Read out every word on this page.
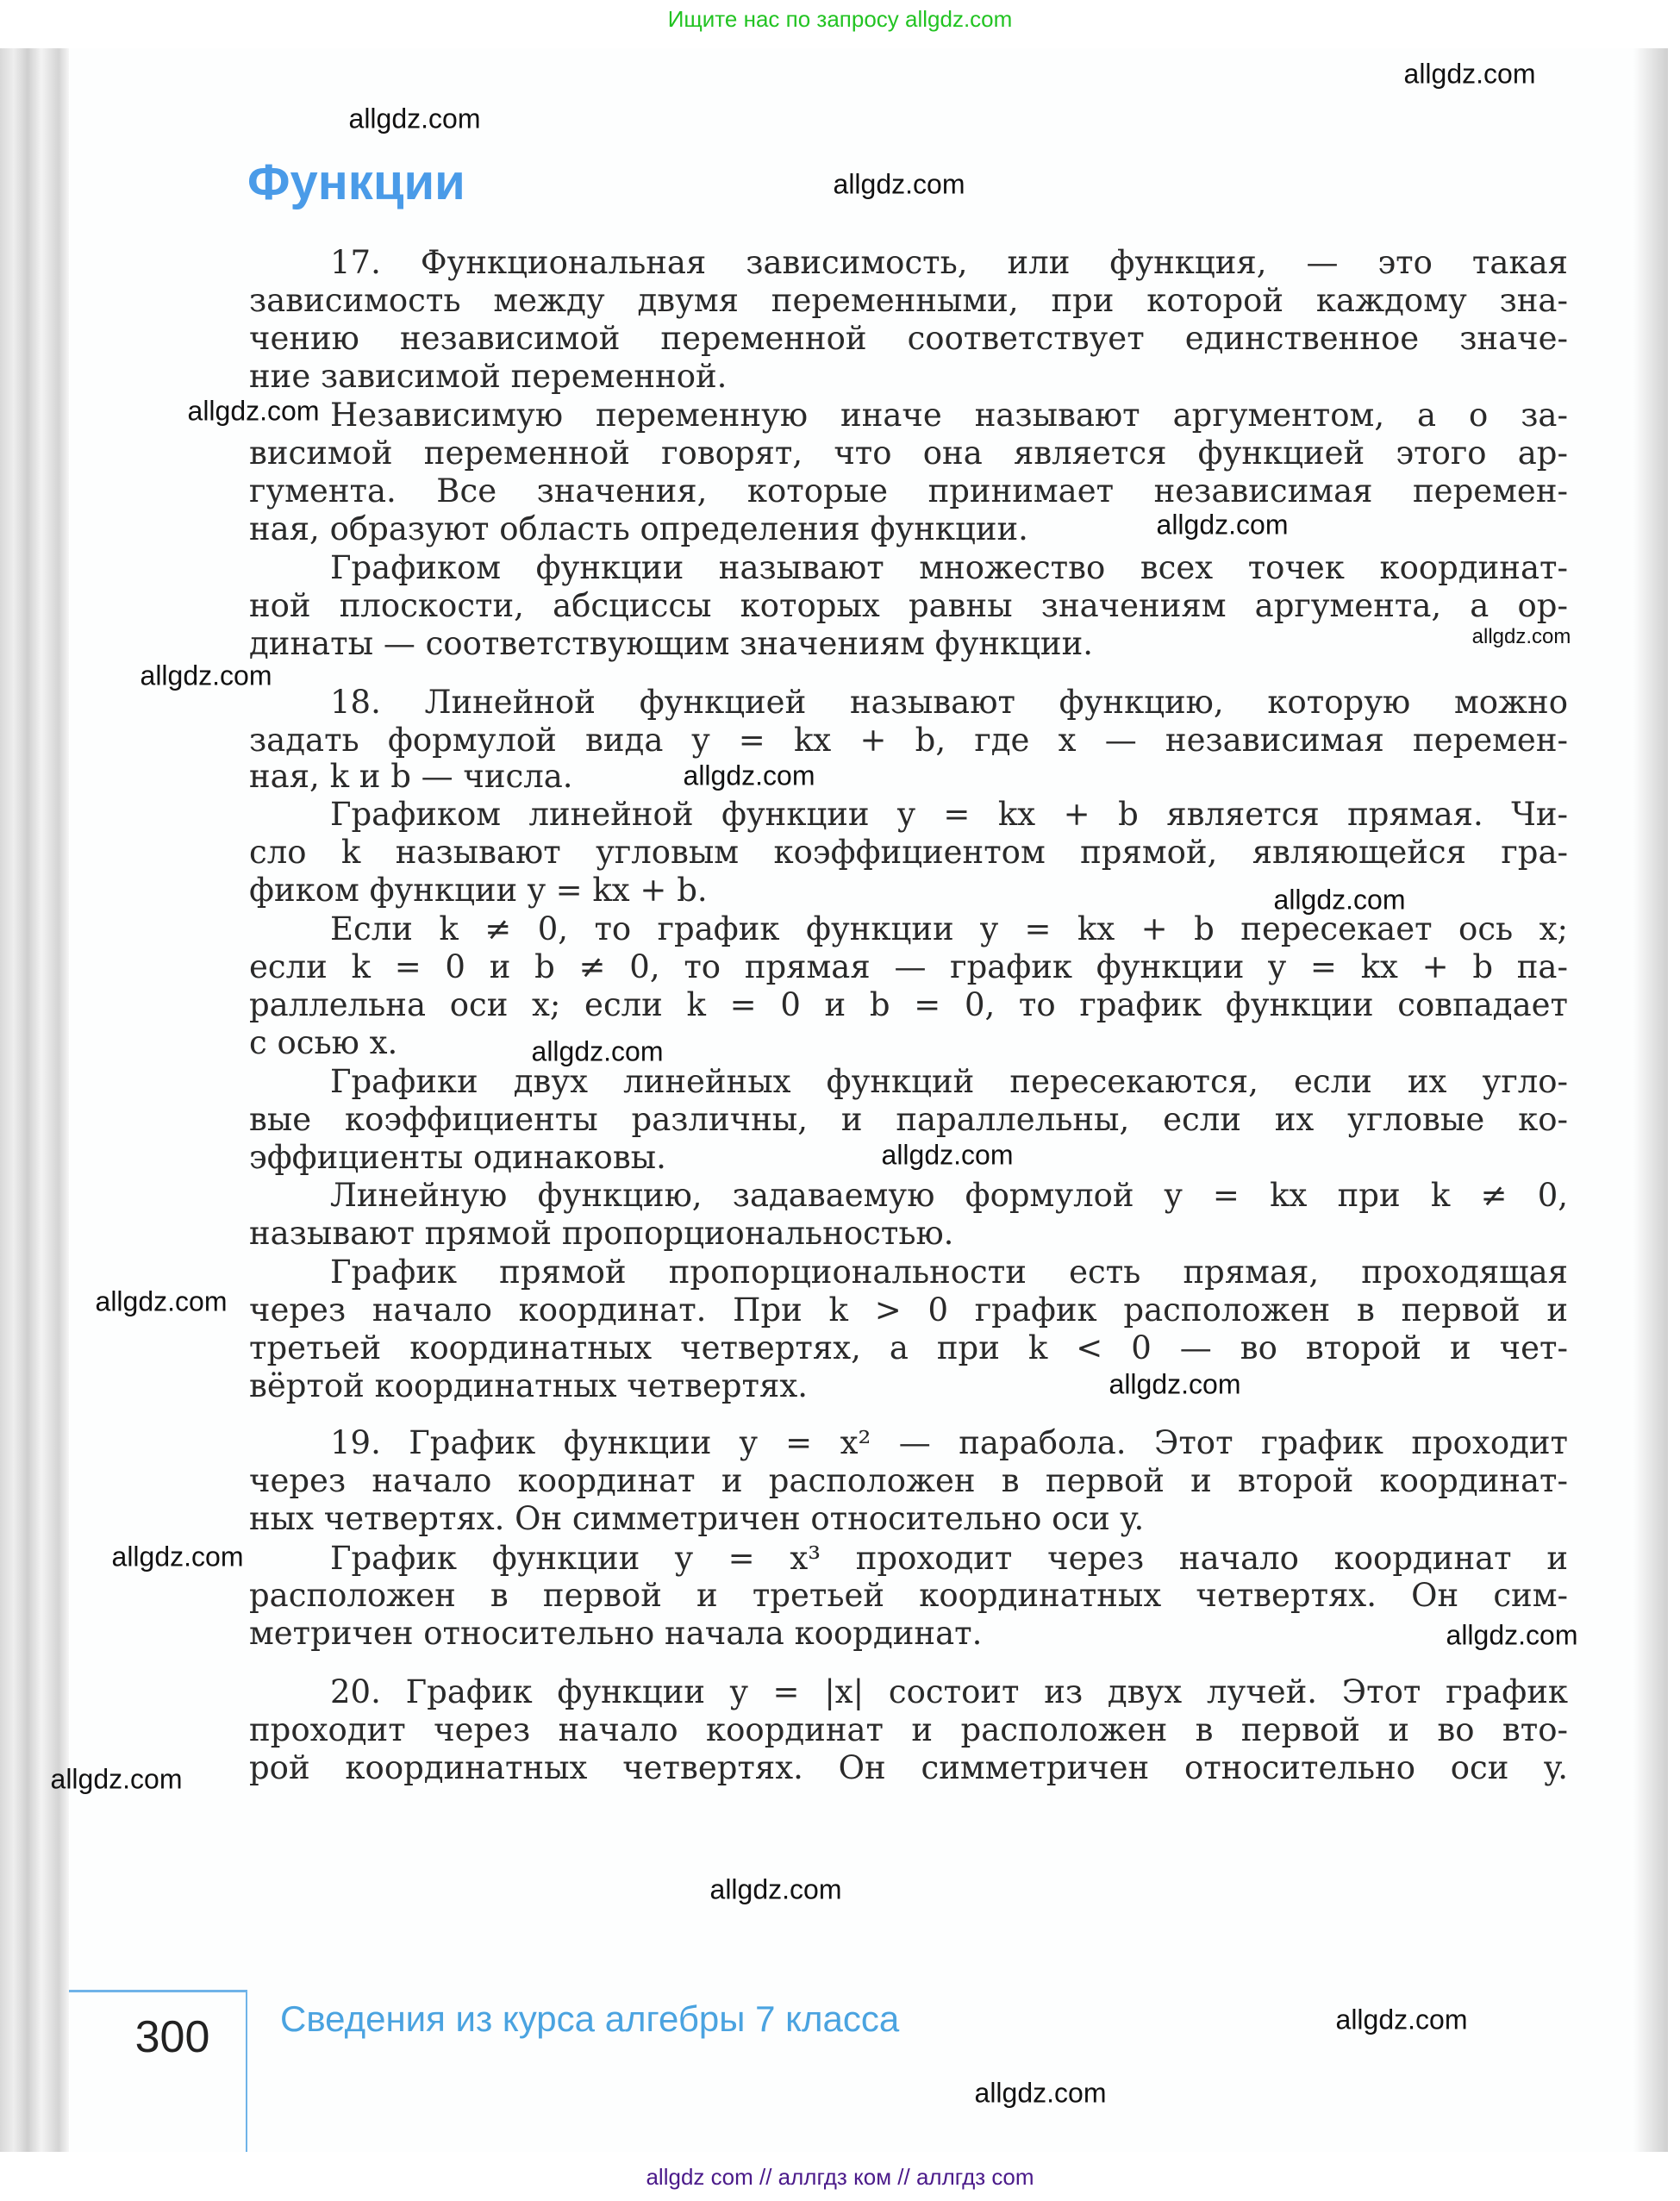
Ищите нас по запросу allgdz.com
Функции
17. Функциональная зависимость, или функция, — это такая
зависимость между двумя переменными, при которой каждому зна-
чению независимой переменной соответствует единственное значе-
ние зависимой переменной.
Независимую переменную иначе называют аргументом, а о за-
висимой переменной говорят, что она является функцией этого ар-
гумента. Все значения, которые принимает независимая перемен-
ная, образуют область определения функции.
Графиком функции называют множество всех точек координат-
ной плоскости, абсциссы которых равны значениям аргумента, а ор-
динаты — соответствующим значениям функции.
18. Линейной функцией называют функцию, которую можно
задать формулой вида y = kx + b, где x — независимая перемен-
ная, k и b — числа.
Графиком линейной функции y = kx + b является прямая. Чи-
сло k называют угловым коэффициентом прямой, являющейся гра-
фиком функции y = kx + b.
Если k ≠ 0, то график функции y = kx + b пересекает ось x;
если k = 0 и b ≠ 0, то прямая — график функции y = kx + b па-
раллельна оси x; если k = 0 и b = 0, то график функции совпадает
с осью x.
Графики двух линейных функций пересекаются, если их угло-
вые коэффициенты различны, и параллельны, если их угловые ко-
эффициенты одинаковы.
Линейную функцию, задаваемую формулой y = kx при k ≠ 0,
называют прямой пропорциональностью.
График прямой пропорциональности есть прямая, проходящая
через начало координат. При k > 0 график расположен в первой и
третьей координатных четвертях, а при k < 0 — во второй и чет-
вёртой координатных четвертях.
19. График функции y = x² — парабола. Этот график проходит
через начало координат и расположен в первой и второй координат-
ных четвертях. Он симметричен относительно оси y.
График функции y = x³ проходит через начало координат и
расположен в первой и третьей координатных четвертях. Он сим-
метричен относительно начала координат.
20. График функции y = |x| состоит из двух лучей. Этот график
проходит через начало координат и расположен в первой и во вто-
рой координатных четвертях. Он симметричен относительно оси y.
allgdz.com
allgdz.com
allgdz.com
allgdz.com
allgdz.com
allgdz.com
allgdz.com
allgdz.com
allgdz.com
allgdz.com
allgdz.com
allgdz.com
allgdz.com
allgdz.com
allgdz.com
allgdz.com
allgdz.com
allgdz.com
allgdz.com
300 Сведения из курса алгебры 7 класса
allgdz com // аллгдз ком // аллгдз com
